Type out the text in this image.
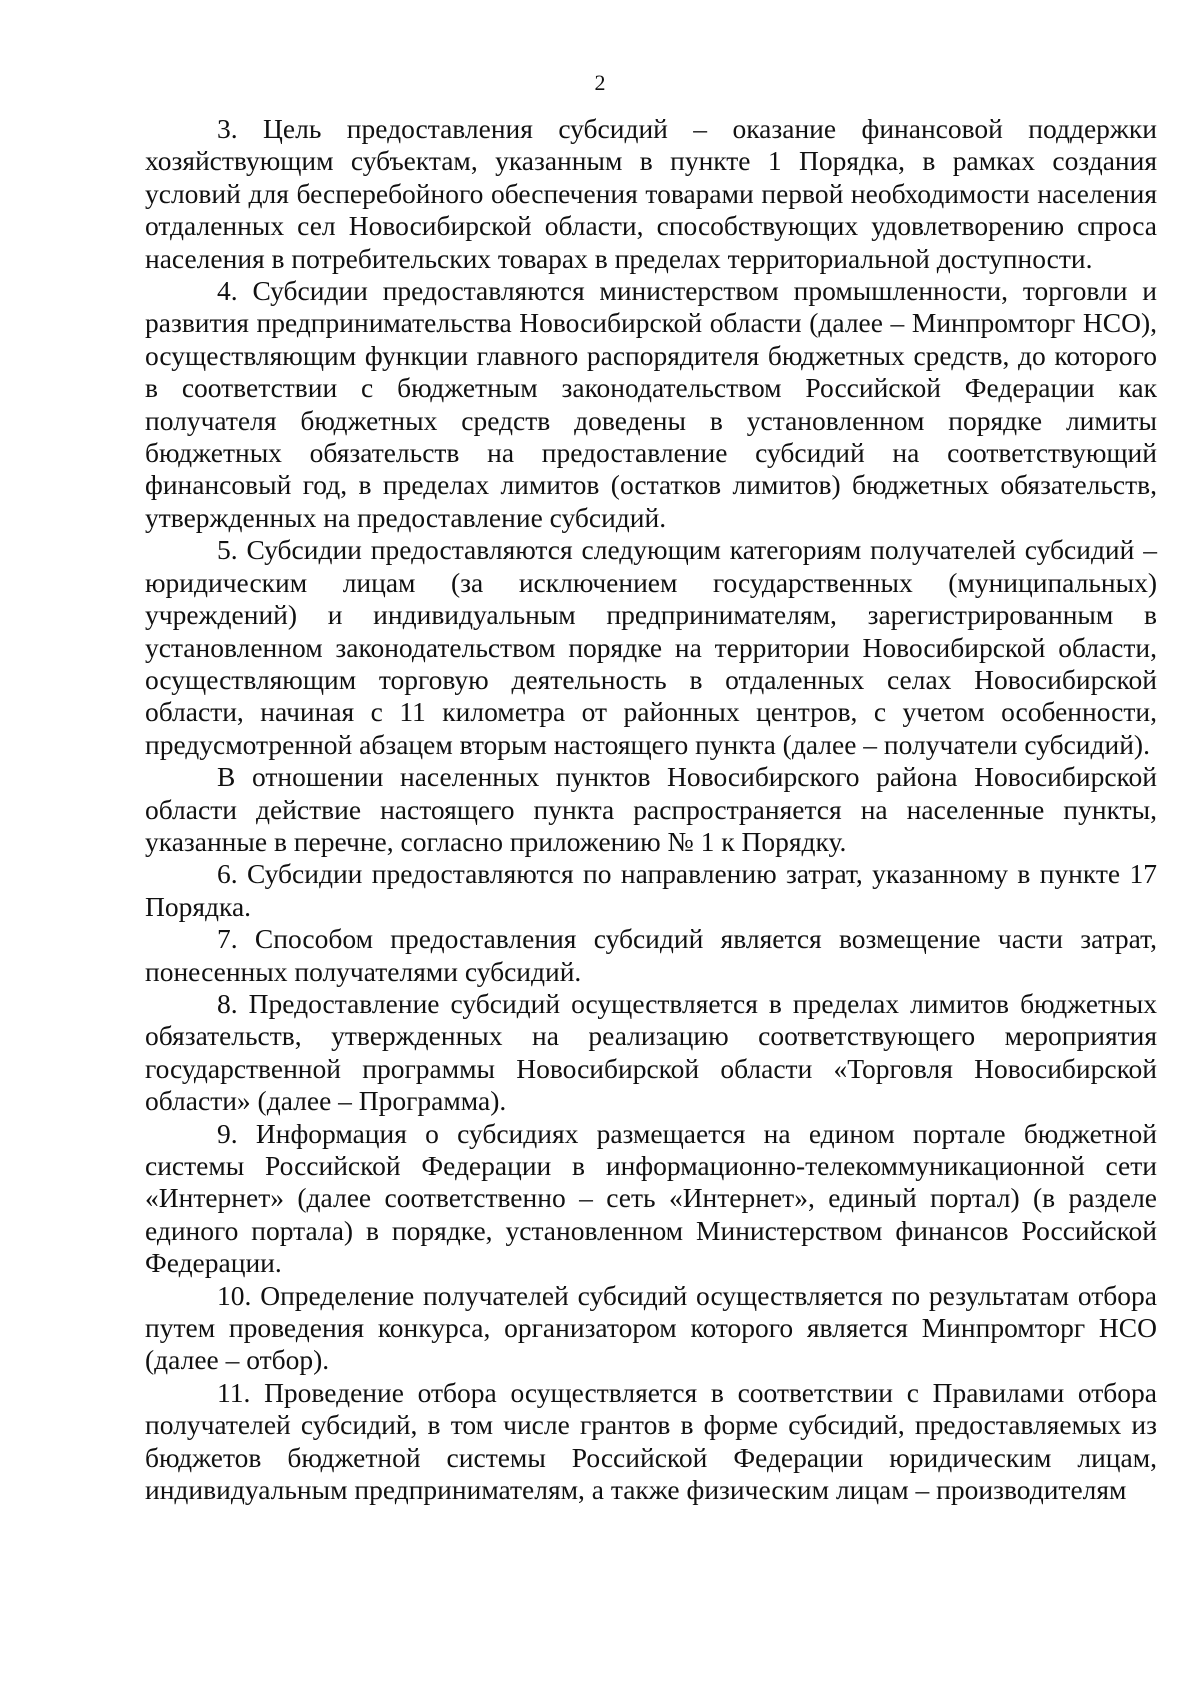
2

3. Цель предоставления субсидий – оказание финансовой поддержки хозяйствующим субъектам, указанным в пункте 1 Порядка, в рамках создания условий для бесперебойного обеспечения товарами первой необходимости населения отдаленных сел Новосибирской области, способствующих удовлетворению спроса населения в потребительских товарах в пределах территориальной доступности.

4. Субсидии предоставляются министерством промышленности, торговли и развития предпринимательства Новосибирской области (далее – Минпромторг НСО), осуществляющим функции главного распорядителя бюджетных средств, до которого в соответствии с бюджетным законодательством Российской Федерации как получателя бюджетных средств доведены в установленном порядке лимиты бюджетных обязательств на предоставление субсидий на соответствующий финансовый год, в пределах лимитов (остатков лимитов) бюджетных обязательств, утвержденных на предоставление субсидий.

5. Субсидии предоставляются следующим категориям получателей субсидий – юридическим лицам (за исключением государственных (муниципальных) учреждений) и индивидуальным предпринимателям, зарегистрированным в установленном законодательством порядке на территории Новосибирской области, осуществляющим торговую деятельность в отдаленных селах Новосибирской области, начиная с 11 километра от районных центров, с учетом особенности, предусмотренной абзацем вторым настоящего пункта (далее – получатели субсидий).

В отношении населенных пунктов Новосибирского района Новосибирской области действие настоящего пункта распространяется на населенные пункты, указанные в перечне, согласно приложению № 1 к Порядку.

6. Субсидии предоставляются по направлению затрат, указанному в пункте 17 Порядка.

7. Способом предоставления субсидий является возмещение части затрат, понесенных получателями субсидий.

8. Предоставление субсидий осуществляется в пределах лимитов бюджетных обязательств, утвержденных на реализацию соответствующего мероприятия государственной программы Новосибирской области «Торговля Новосибирской области» (далее – Программа).

9. Информация о субсидиях размещается на едином портале бюджетной системы Российской Федерации в информационно-телекоммуникационной сети «Интернет» (далее соответственно – сеть «Интернет», единый портал) (в разделе единого портала) в порядке, установленном Министерством финансов Российской Федерации.

10. Определение получателей субсидий осуществляется по результатам отбора путем проведения конкурса, организатором которого является Минпромторг НСО (далее – отбор).

11. Проведение отбора осуществляется в соответствии с Правилами отбора получателей субсидий, в том числе грантов в форме субсидий, предоставляемых из бюджетов бюджетной системы Российской Федерации юридическим лицам, индивидуальным предпринимателям, а также физическим лицам – производителям
